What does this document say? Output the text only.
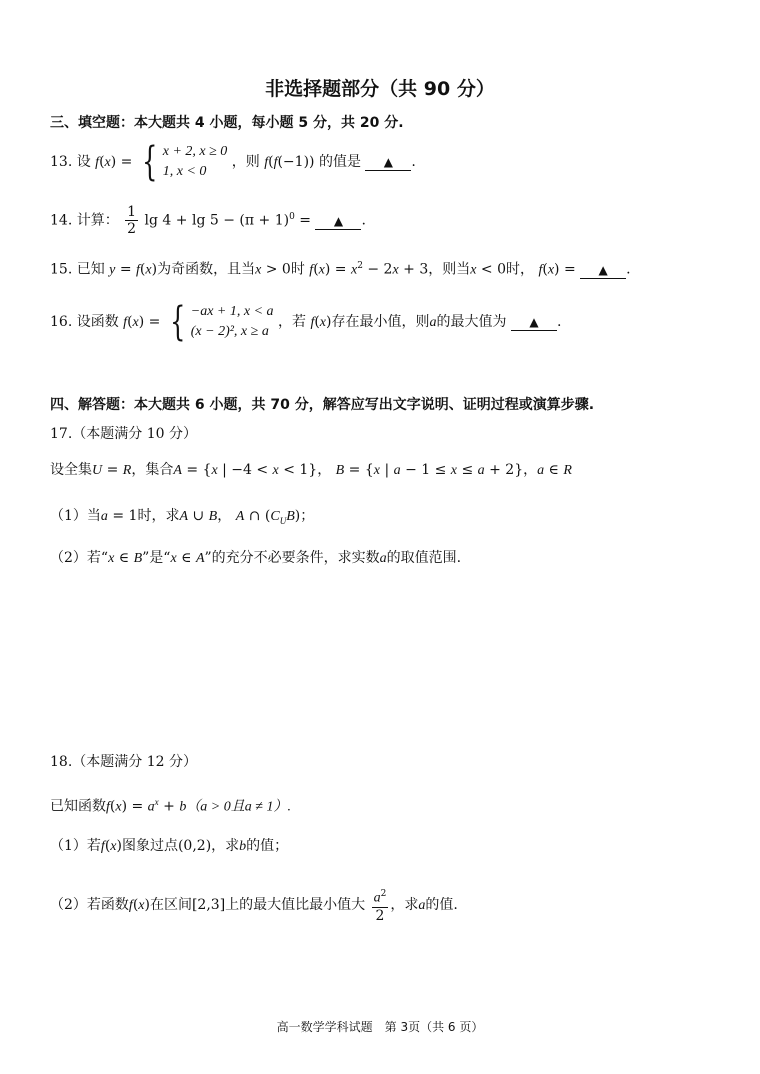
非选择题部分（共 90 分）
三、填空题：本大题共 4 小题，每小题 5 分，共 20 分.
13. 设 f(x) = { x + 2, x ≥ 0
1, x < 0
，则 f(f(−1)) 的值是 ▲ .
14. 计算： $\frac{1}{2}$ $\lg 4 + \lg 5 - (\pi + 1)^0$ = ▲ .
15. 已知 y = f(x)为奇函数，且当x > 0时 $f(x) = x^2 - 2x + 3$，则当x < 0时， f(x) = ▲ .
16. 设函数 f(x) = { −ax + 1, x < a
(x − 2)², x ≥ a
，若 f(x)存在最小值，则a的最大值为 ▲ .
四、解答题：本大题共 6 小题，共 70 分，解答应写出文字说明、证明过程或演算步骤.
17.（本题满分 10 分）
设全集U = R，集合A = {x | −4 < x < 1}， B = {x | a − 1 ≤ x ≤ a + 2}，a ∈ R
（1）当a = 1时，求A ∪ B， A ∩ $(C_UB)$；
（2）若“x ∈ B”是“x ∈ A”的充分不必要条件，求实数a的取值范围.
18.（本题满分 12 分）
已知函数$f(x) = a^x + b(a > 0$且a ≠ 1）.
（1）若f(x)图象过点(0,2)，求b的值；
（2）若函数f(x)在区间[2,3]上的最大值比最小值大 $\frac{a^2}{2}$ ，求a的值.
高一数学学科试题　第 3页（共 6 页）
